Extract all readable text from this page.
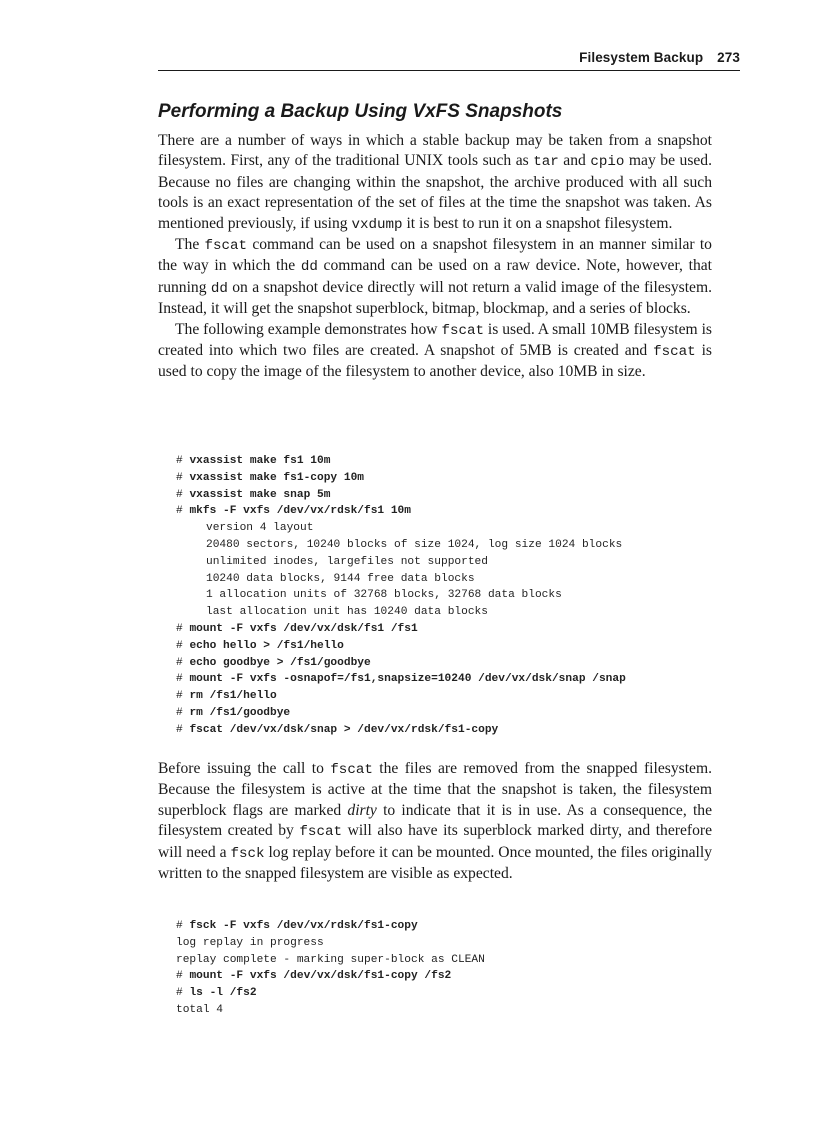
Filesystem Backup 273
Performing a Backup Using VxFS Snapshots

There are a number of ways in which a stable backup may be taken from a snapshot filesystem. First, any of the traditional UNIX tools such as tar and cpio may be used. Because no files are changing within the snapshot, the archive produced with all such tools is an exact representation of the set of files at the time the snapshot was taken. As mentioned previously, if using vxdump it is best to run it on a snapshot filesystem.

The fscat command can be used on a snapshot filesystem in an manner similar to the way in which the dd command can be used on a raw device. Note, however, that running dd on a snapshot device directly will not return a valid image of the filesystem. Instead, it will get the snapshot superblock, bitmap, blockmap, and a series of blocks.

The following example demonstrates how fscat is used. A small 10MB filesystem is created into which two files are created. A snapshot of 5MB is created and fscat is used to copy the image of the filesystem to another device, also 10MB in size.

# vxassist make fs1 10m
# vxassist make fs1-copy 10m
# vxassist make snap 5m
# mkfs -F vxfs /dev/vx/rdsk/fs1 10m
version 4 layout
20480 sectors, 10240 blocks of size 1024, log size 1024 blocks
unlimited inodes, largefiles not supported
10240 data blocks, 9144 free data blocks
1 allocation units of 32768 blocks, 32768 data blocks
last allocation unit has 10240 data blocks
# mount -F vxfs /dev/vx/dsk/fs1 /fs1
# echo hello > /fs1/hello
# echo goodbye > /fs1/goodbye
# mount -F vxfs -osnapof=/fs1,snapsize=10240 /dev/vx/dsk/snap /snap
# rm /fs1/hello
# rm /fs1/goodbye
# fscat /dev/vx/dsk/snap > /dev/vx/rdsk/fs1-copy

Before issuing the call to fscat the files are removed from the snapped filesystem. Because the filesystem is active at the time that the snapshot is taken, the filesystem superblock flags are marked dirty to indicate that it is in use. As a consequence, the filesystem created by fscat will also have its superblock marked dirty, and therefore will need a fsck log replay before it can be mounted. Once mounted, the files originally written to the snapped filesystem are visible as expected.

# fsck -F vxfs /dev/vx/rdsk/fs1-copy
log replay in progress
replay complete - marking super-block as CLEAN
# mount -F vxfs /dev/vx/dsk/fs1-copy /fs2
# ls -l /fs2
total 4
